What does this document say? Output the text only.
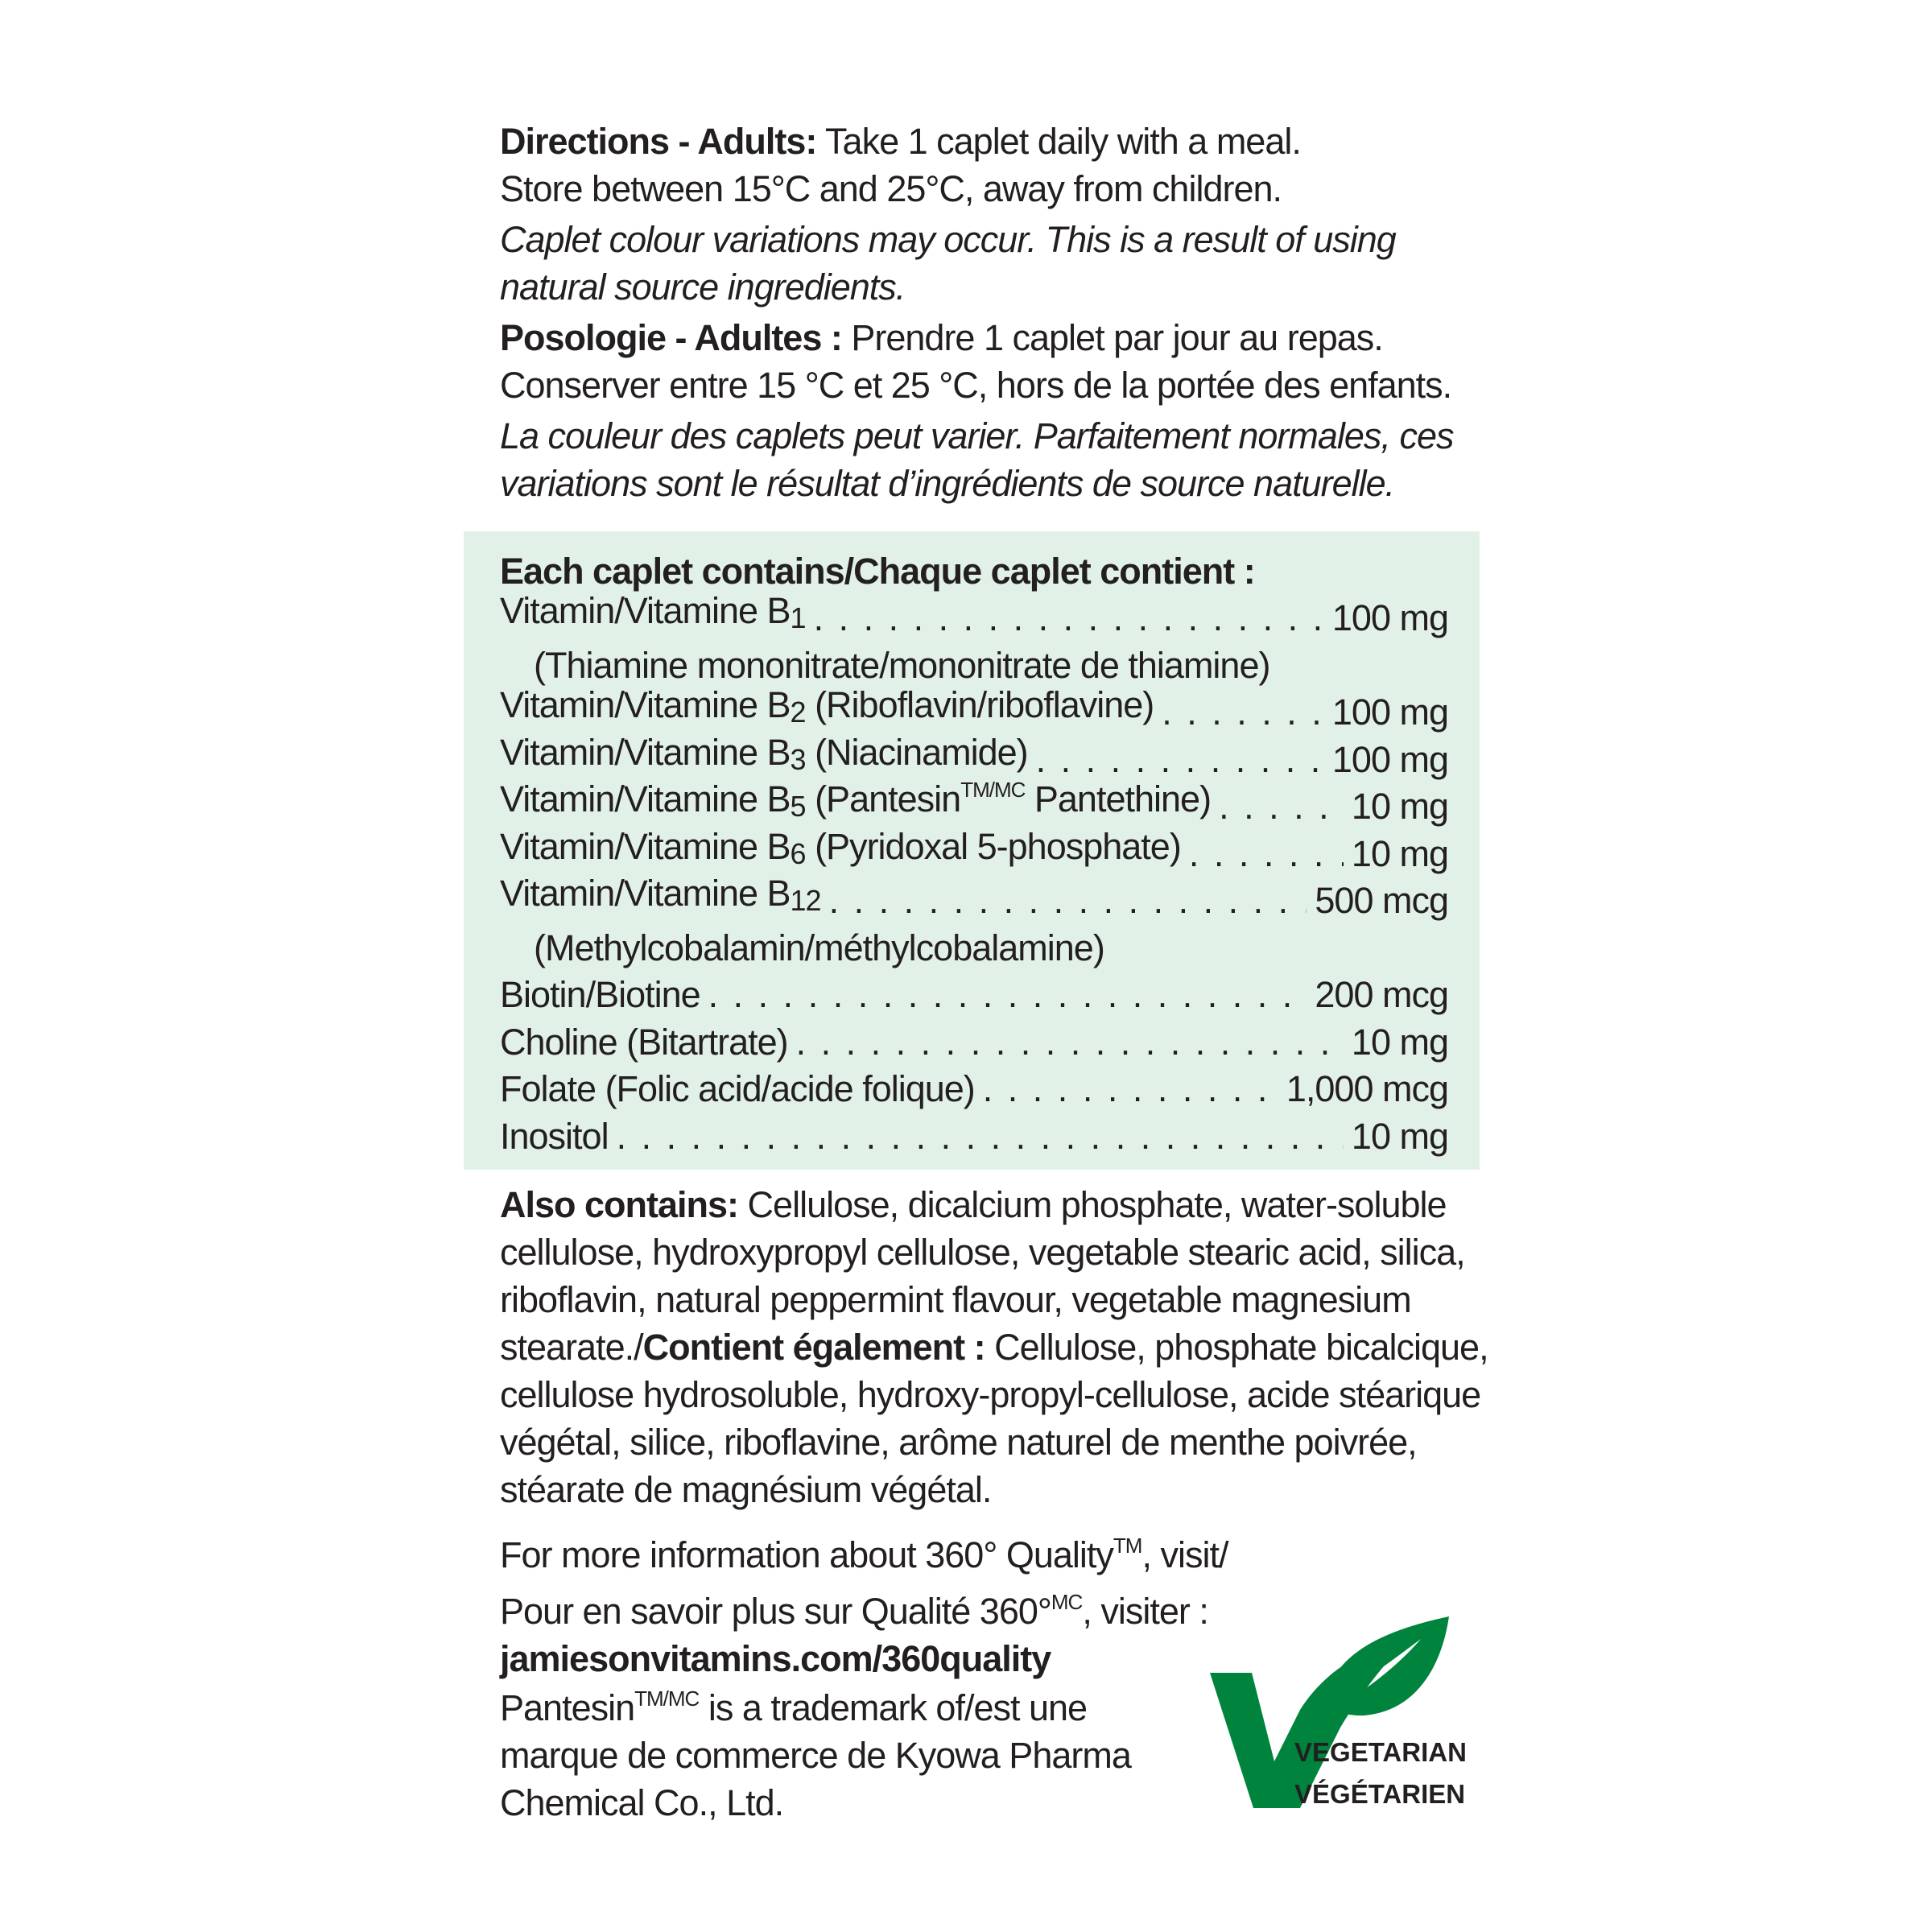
Directions - Adults: Take 1 caplet daily with a meal.

Store between 15°C and 25°C, away from children.

Caplet colour variations may occur. This is a result of using natural source ingredients.

Posologie - Adultes : Prendre 1 caplet par jour au repas.

Conserver entre 15 °C et 25 °C, hors de la portée des enfants.

La couleur des caplets peut varier. Parfaitement normales, ces variations sont le résultat d’ingrédients de source naturelle.

Each caplet contains/Chaque caplet contient :
Vitamin/Vitamine B1 . . .	100 mg
(Thiamine mononitrate/mononitrate de thiamine)
Vitamin/Vitamine B2 (Riboflavin/riboflavine) . . .	100 mg
Vitamin/Vitamine B3 (Niacinamide) . . .	100 mg
Vitamin/Vitamine B5 (Pantesin$^{TM/MC}$ Pantethine) . . .	10 mg
Vitamin/Vitamine B6 (Pyridoxal 5-phosphate) . . .	10 mg
Vitamin/Vitamine B12 . . .	500 mcg
(Methylcobalamin/méthylcobalamine)
Biotin/Biotine . . .	200 mcg
Choline (Bitartrate) . . .	10 mg
Folate (Folic acid/acide folique) . . .	1,000 mcg
Inositol . . .	10 mg

Also contains: Cellulose, dicalcium phosphate, water-soluble cellulose, hydroxypropyl cellulose, vegetable stearic acid, silica, riboflavin, natural peppermint flavour, vegetable magnesium stearate./Contient également : Cellulose, phosphate bicalcique, cellulose hydrosoluble, hydroxy-propyl-cellulose, acide stéarique végétal, silice, riboflavine, arôme naturel de menthe poivrée, stéarate de magnésium végétal.

For more information about 360° Quality™, visit/

Pour en savoir plus sur Qualité 360°$^{MC}$, visiter :

jamiesonvitamins.com/360quality

Pantesin$^{TM/MC}$ is a trademark of/est une marque de commerce de Kyowa Pharma Chemical Co., Ltd.

VEGETARIAN
VÉGÉTARIEN
